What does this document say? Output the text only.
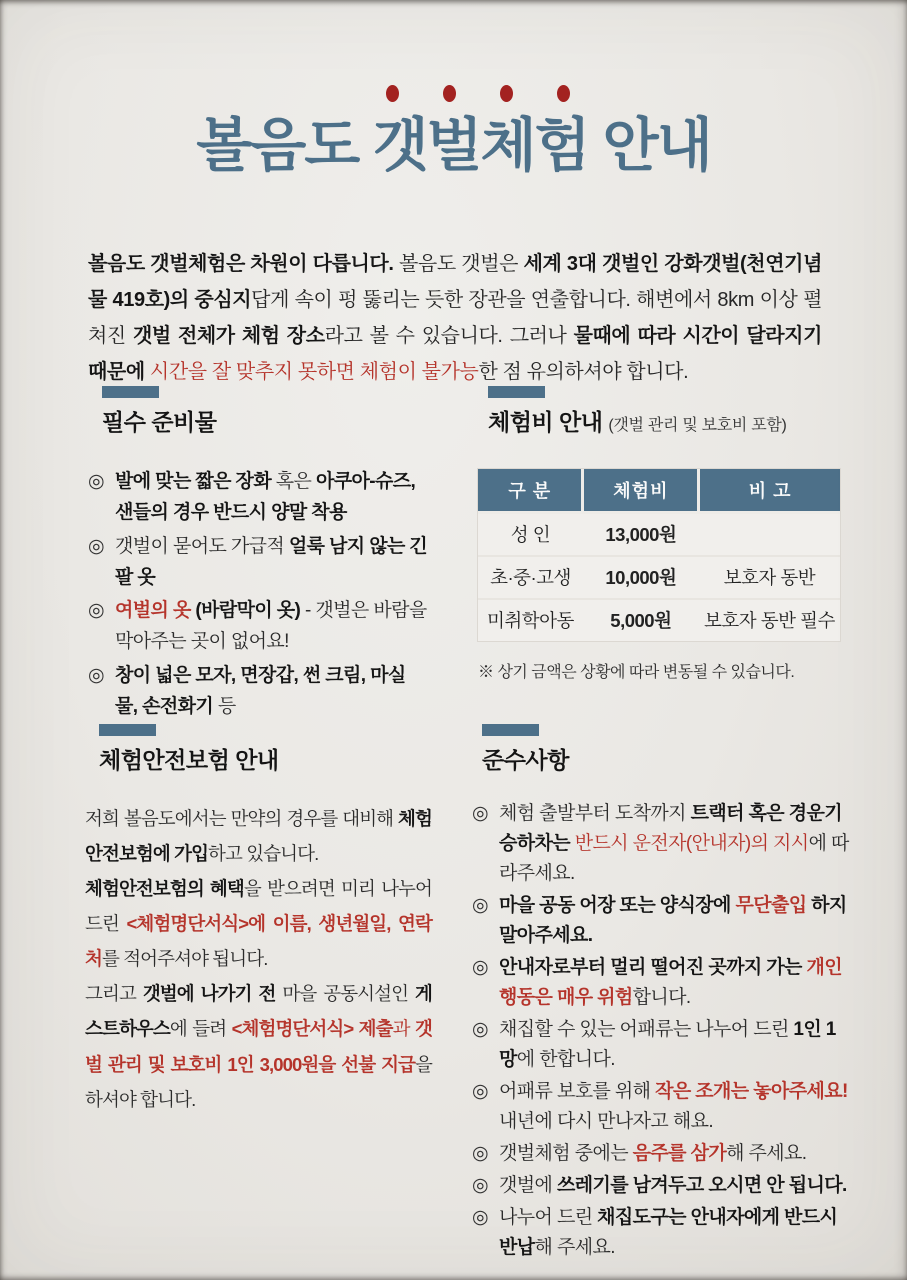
볼음도 갯벌체험 안내

볼음도 갯벌체험은 차원이 다릅니다. 볼음도 갯벌은 세계 3대 갯벌인 강화갯벌(천연기념물 419호)의 중심지답게 속이 펑 뚫리는 듯한 장관을 연출합니다. 해변에서 8km 이상 펼쳐진 갯벌 전체가 체험 장소라고 볼 수 있습니다. 그러나 물때에 따라 시간이 달라지기 때문에 시간을 잘 맞추지 못하면 체험이 불가능한 점 유의하셔야 합니다.

필수 준비물
◎ 발에 맞는 짧은 장화 혹은 아쿠아-슈즈, 샌들의 경우 반드시 양말 착용
◎ 갯벌이 묻어도 가급적 얼룩 남지 않는 긴팔 옷
◎ 여벌의 옷 (바람막이 옷) - 갯벌은 바람을 막아주는 곳이 없어요!
◎ 창이 넓은 모자, 면장갑, 썬 크림, 마실 물, 손전화기 등
체험비 안내 (갯벌 관리 및 보호비 포함)
구 분	체험비	비 고
성 인	13,000원	
초·중·고생	10,000원	보호자 동반
미취학아동	5,000원	보호자 동반 필수
※ 상기 금액은 상황에 따라 변동될 수 있습니다.
체험안전보험 안내

저희 볼음도에서는 만약의 경우를 대비해 체험안전보험에 가입하고 있습니다.

체험안전보험의 혜택을 받으려면 미리 나누어 드린 <체험명단서식>에 이름, 생년월일, 연락처를 적어주셔야 됩니다.

그리고 갯벌에 나가기 전 마을 공동시설인 게스트하우스에 들려 <체험명단서식> 제출과 갯벌 관리 및 보호비 1인 3,000원을 선불 지급을 하셔야 합니다.

준수사항
◎ 체험 출발부터 도착까지 트랙터 혹은 경운기 승하차는 반드시 운전자(안내자)의 지시에 따라주세요.
◎ 마을 공동 어장 또는 양식장에 무단출입 하지 말아주세요.
◎ 안내자로부터 멀리 떨어진 곳까지 가는 개인 행동은 매우 위험합니다.
◎ 채집할 수 있는 어패류는 나누어 드린 1인 1망에 한합니다.
◎ 어패류 보호를 위해 작은 조개는 놓아주세요! 내년에 다시 만나자고 해요.
◎ 갯벌체험 중에는 음주를 삼가해 주세요.
◎ 갯벌에 쓰레기를 남겨두고 오시면 안 됩니다.
◎ 나누어 드린 채집도구는 안내자에게 반드시 반납해 주세요.
